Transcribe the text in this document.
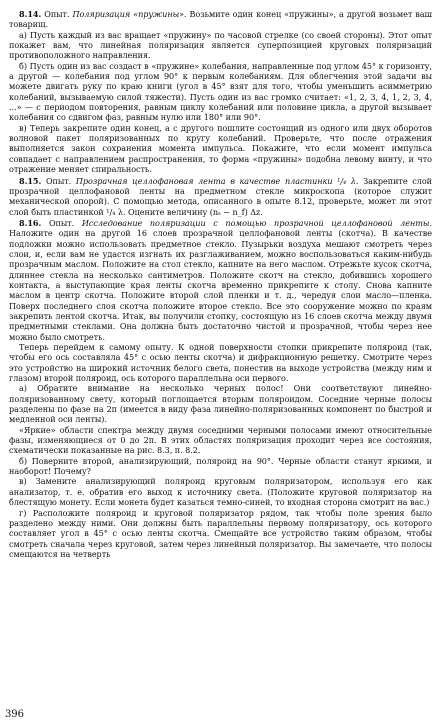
8.14. Опыт. Поляризация «пружины». Возьмите один конец «пружины», а другой возьмет ваш товарищ.

а) Пусть каждый из вас вращает «пружину» по часовой стрелке (со своей стороны). Этот опыт покажет вам, что линейная поляризация является суперпозицией круговых поляризаций противоположного направления.

б) Пусть один из вас создаст в «пружине» колебания, направленные под углом 45° к горизонту, а другой — колебания под углом 90° к первым колебаниям. Для облегчения этой задачи вы можете двигать руку по краю книги (угол в 45° взят для того, чтобы уменьшить асимметрию колебаний, вызываемую силой тяжести). Пусть один из вас громко считает: «1, 2, 3, 4, 1, 2, 3, 4, ...» — с периодом повторения, равным циклу колебаний или половине цикла, а другой вызывает колебания со сдвигом фаз, равным нулю или 180° или 90°.

в) Теперь закрепите один конец, а с другого пошлите состоящий из одного или двух оборотов волновой пакет поляризованных по кругу колебаний. Проверьте, что после отражения выполняется закон сохранения момента импульса. Покажите, что если момент импульса совпадает с направлением распространения, то форма «пружины» подобна левому винту, и что отражение меняет спиральность.

8.15. Опыт. Прозрачная целлофановая лента в качестве пластинки ¹/₄ λ. Закрепите слой прозрачной целлофановой ленты на предметном стекле микроскопа (которое служит механической опорой). С помощью метода, описанного в опыте 8.12, проверьте, может ли этот слой быть пластинкой ¹/₄ λ. Оцените величину (nₛ − n_f) Δz.

8.16. Опыт. Исследование поляризации с помощью прозрачной целлофановой ленты. Наложите один на другой 16 слоев прозрачной целлофановой ленты (скотча). В качестве подложки можно использовать предметное стекло. Пузырьки воздуха мешают смотреть через слои, и, если вам не удастся изгнать их разглаживанием, можно воспользоваться каким-нибудь прозрачным маслом. Положите на стол стекло, капните на него маслом. Отрежьте кусок скотча, длиннее стекла на несколько сантиметров. Положите скотч на стекло, добившись хорошего контакта, а выступающие края ленты скотча временно прикрепите к столу. Снова капните маслом в центр скотча. Положите второй слой пленки и т. д., чередуя слои масло—пленка. Поверх последнего слоя скотча положите второе стекло. Все это сооружение можно по краям закрепить лентой скотча. Итак, вы получили стопку, состоящую из 16 слоев скотча между двумя предметными стеклами. Она должна быть достаточно чистой и прозрачной, чтобы через нее можно было смотреть.

Теперь перейдем к самому опыту. К одной поверхности стопки прикрепите поляроид (так, чтобы его ось составляла 45° с осью ленты скотча) и дифракционную решетку. Смотрите через это устройство на широкий источник белого света, понестив на выходе устройства (между ним и глазом) второй поляроид, ось которого параллельна оси первого.

а) Обратите внимание на несколько черных полос! Они соответствуют линейно-поляризованному свету, который поглощается вторым поляроидом. Соседние черные полосы разделены по фазе на 2π (имеется в виду фаза линейно-поляризованных компонент по быстрой и медленной оси ленты).

«Яркие» области спектра между двумя соседними черными полосами имеют относительные фазы, изменяющиеся от 0 до 2π. В этих областях поляризация проходит через все состояния, схематически показанные на рис. 8.3, п. 8.2.

б) Поверните второй, анализирующий, поляроид на 90°. Черные области станут яркими, и наоборот! Почему?

в) Замените анализирующий поляроид круговым поляризатором, используя его как анализатор, т. е. обратив его выход к источнику света. (Положите круговой поляризатор на блестящую монету. Если монета будет казаться темно-синей, то входная сторона смотрит на вас.)

г) Расположите поляроид и круговой поляризатор рядом, так чтобы поле зрения было разделено между ними. Они должны быть параллельны первому поляризатору, ось которого составляет угол в 45° с осью ленты скотча. Смещайте все устройство таким образом, чтобы смотреть сначала через круговой, затем через линейный поляризатор. Вы замечаете, что полосы смещаются на четверть

396
